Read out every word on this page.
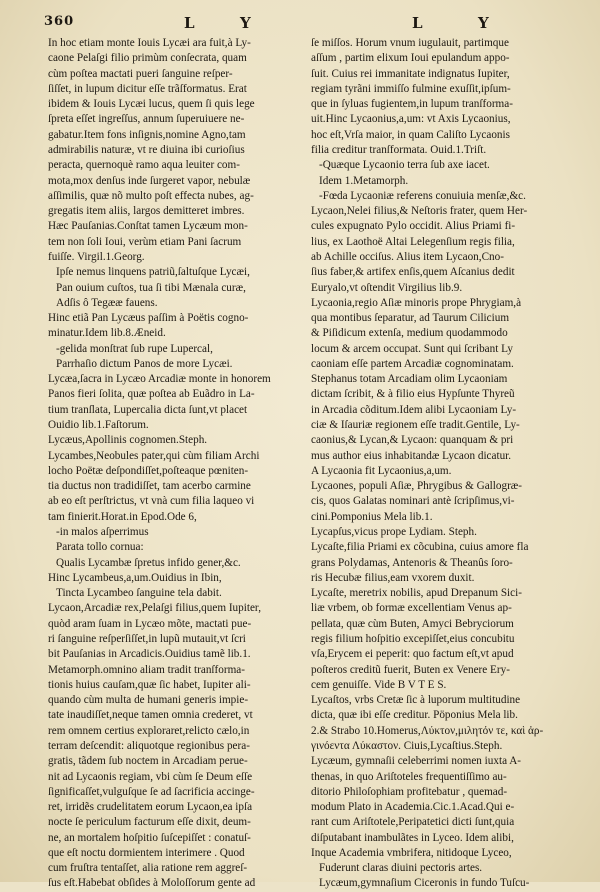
360	L	Y	L	Y
In hoc etiam monte Iouis Lycæi ara fuit,à Ly-
caone Pelaſgi filio primùm conſecrata, quam
cùm poſtea mactati pueri ſanguine reſper-
ſiſſet, in lupum dicitur eſſe trãſformatus. Erat
ibidem & Iouis Lycæi lucus, quem ſi quis lege
ſpreta eſſet ingreſſus, annum ſuperuiuere ne-
gabatur.Item fons inſignis,nomine Agno,tam
admirabilis naturæ, vt re diuina ibi curioſius
peracta, quernoquè ramo aqua leuiter com-
mota,mox denſus inde ſurgeret vapor, nebulæ
aſſimilis, quæ nõ multo poſt effecta nubes, ag-
gregatis item aliis, largos demitteret imbres.
Hæc Pauſanias.Conſtat tamen Lycæum mon-
tem non ſoli Ioui, verùm etiam Pani ſacrum
fuiſſe. Virgil.1.Georg.
Ipſe nemus linquens patriũ,ſaltuſque Lycæi,
Pan ouium cuſtos, tua ſi tibi Mænala curæ,
Adſis ô Tegææ fauens.
Hinc etiã Pan Lycæus paſſim à Poëtis cogno-
minatur.Idem lib.8.Æneid.
-gelida monſtrat ſub rupe Lupercal,
Parrhaſio dictum Panos de more Lycæi.
Lycæa,ſacra in Lycæo Arcadiæ monte in honorem
Panos fieri ſolita, quæ poſtea ab Euãdro in La-
tium tranſlata, Lupercalia dicta ſunt,vt placet
Ouidio lib.1.Faſtorum.
Lycæus,Apollinis cognomen.Steph.
Lycambes,Neobules pater,qui cùm filiam Archi
locho Poëtæ deſpondiſſet,poſteaque pœniten-
tia ductus non tradidiſſet, tam acerbo carmine
ab eo eſt perſtrictus, vt vnà cum filia laqueo vi
tam finierit.Horat.in Epod.Ode 6,
-in malos aſperrimus
Parata tollo cornua:
Qualis Lycambæ ſpretus infido gener,&c.
Hinc Lycambeus,a,um.Ouidius in Ibin,
Tincta Lycambeo ſanguine tela dabit.
Lycaon,Arcadiæ rex,Pelaſgi filius,quem Iupiter,
quòd aram ſuam in Lycæo mõte, mactati pue-
ri ſanguine reſperſiſſet,in lupũ mutauit,vt ſcri
bit Pauſanias in Arcadicis.Ouidius tamẽ lib.1.
Metamorph.omnino aliam tradit tranſforma-
tionis huius cauſam,quæ ſic habet, Iupiter ali-
quando cùm multa de humani generis impie-
tate inaudiſſet,neque tamen omnia crederet, vt
rem omnem certius exploraret,relicto cælo,in
terram deſcendit: aliquotque regionibus pera-
gratis, tãdem ſub noctem in Arcadiam perue-
nit ad Lycaonis regiam, vbi cùm ſe Deum eſſe
ſignificaſſet,vulguſque ſe ad ſacrificia accinge-
ret, irridẽs crudelitatem eorum Lycaon,ea ipſa
nocte ſe periculum facturum eſſe dixit, deum-
ne, an mortalem hoſpitio ſuſcepiſſet : conatuſ-
que eſt noctu dormientem interimere . Quod
cum fruſtra tentaſſet, alia ratione rem aggreſ-
ſus eſt.Habebat obſides à Moloſſorum gente ad
ſe miſſos. Horum vnum iugulauit, partimque
aſſum , partim elixum Ioui epulandum appo-
ſuit. Cuius rei immanitate indignatus Iupiter,
regiam tyrãni immiſſo fulmine exuſſit,ipſum-
que in ſyluas fugientem,in lupum tranſforma-
uit.Hinc Lycaonius,a,um: vt Axis Lycaonius,
hoc eſt,Vrſa maior, in quam Caliſto Lycaonis
filia creditur tranſformata. Ouid.1.Triſt.
-Quæque Lycaonio terra ſub axe iacet.
Idem 1.Metamorph.
-Fœda Lycaoniæ referens conuiuia menſæ,&c.
Lycaon,Nelei filius,& Neſtoris frater, quem Her-
cules expugnato Pylo occidit. Alius Priami fi-
lius, ex Laothoë Altai Lelegenſium regis filia,
ab Achille occiſus. Alius item Lycaon,Cno-
ſius faber,& artifex enſis,quem Aſcanius dedit
Euryalo,vt oſtendit Virgilius lib.9.
Lycaonia,regio Aſiæ minoris prope Phrygiam,à
qua montibus ſeparatur, ad Taurum Cilicium
& Piſidicum extenſa, medium quodammodo
locum & arcem occupat. Sunt qui ſcribant Ly
caoniam eſſe partem Arcadiæ cognominatam.
Stephanus totam Arcadiam olim Lycaoniam
dictam ſcribit, & à filio eius Hypſunte Thyreũ
in Arcadia cõditum.Idem alibi Lycaoniam Ly-
ciæ & Iſauriæ regionem eſſe tradit.Gentile, Ly-
caonius,& Lycan,& Lycaon: quanquam & pri
mus author eius inhabitandæ Lycaon dicatur.
A Lycaonia fit Lycaonius,a,um.
Lycaones, populi Aſiæ, Phrygibus & Gallogræ-
cis, quos Galatas nominari antè ſcripſimus,vi-
cini.Pomponius Mela lib.1.
Lycapſus,vicus prope Lydiam. Steph.
Lycaſte,filia Priami ex cõcubina, cuius amore fla
grans Polydamas, Antenoris & Theanûs ſoro-
ris Hecubæ filius,eam vxorem duxit.
Lycaſte, meretrix nobilis, apud Drepanum Sici-
liæ vrbem, ob formæ excellentiam Venus ap-
pellata, quæ cùm Buten, Amyci Bebryciorum
regis filium hoſpitio excepiſſet,eius concubitu
vſa,Erycem ei peperit: quo factum eſt,vt apud
poſteros creditũ fuerit, Buten ex Venere Ery-
cem genuiſſe. Vide B V T E S.
Lycaſtos, vrbs Cretæ ſic à luporum multitudine
dicta, quæ ibi eſſe creditur. Pöponius Mela lib.
2.& Strabo 10.Homerus,Λύκτον,μιλητόν τε, καὶ ἀρ-
γινόεντα Λύκαστον. Ciuis,Lycaſtius.Steph.
Lycæum, gymnaſii celeberrimi nomen iuxta A-
thenas, in quo Ariſtoteles frequentiſſimo au-
ditorio Philoſophiam profitebatur , quemad-
modum Plato in Academia.Cic.1.Acad.Qui e-
rant cum Ariſtotele,Peripatetici dicti ſunt,quia
diſputabant inambulãtes in Lyceo. Idem alibi,
Inque Academia vmbrifera, nitidoque Lyceo,
Fuderunt claras diuini pectoris artes.
Lycæum,gymnaſium Ciceronis in fundo Tuſcu-
